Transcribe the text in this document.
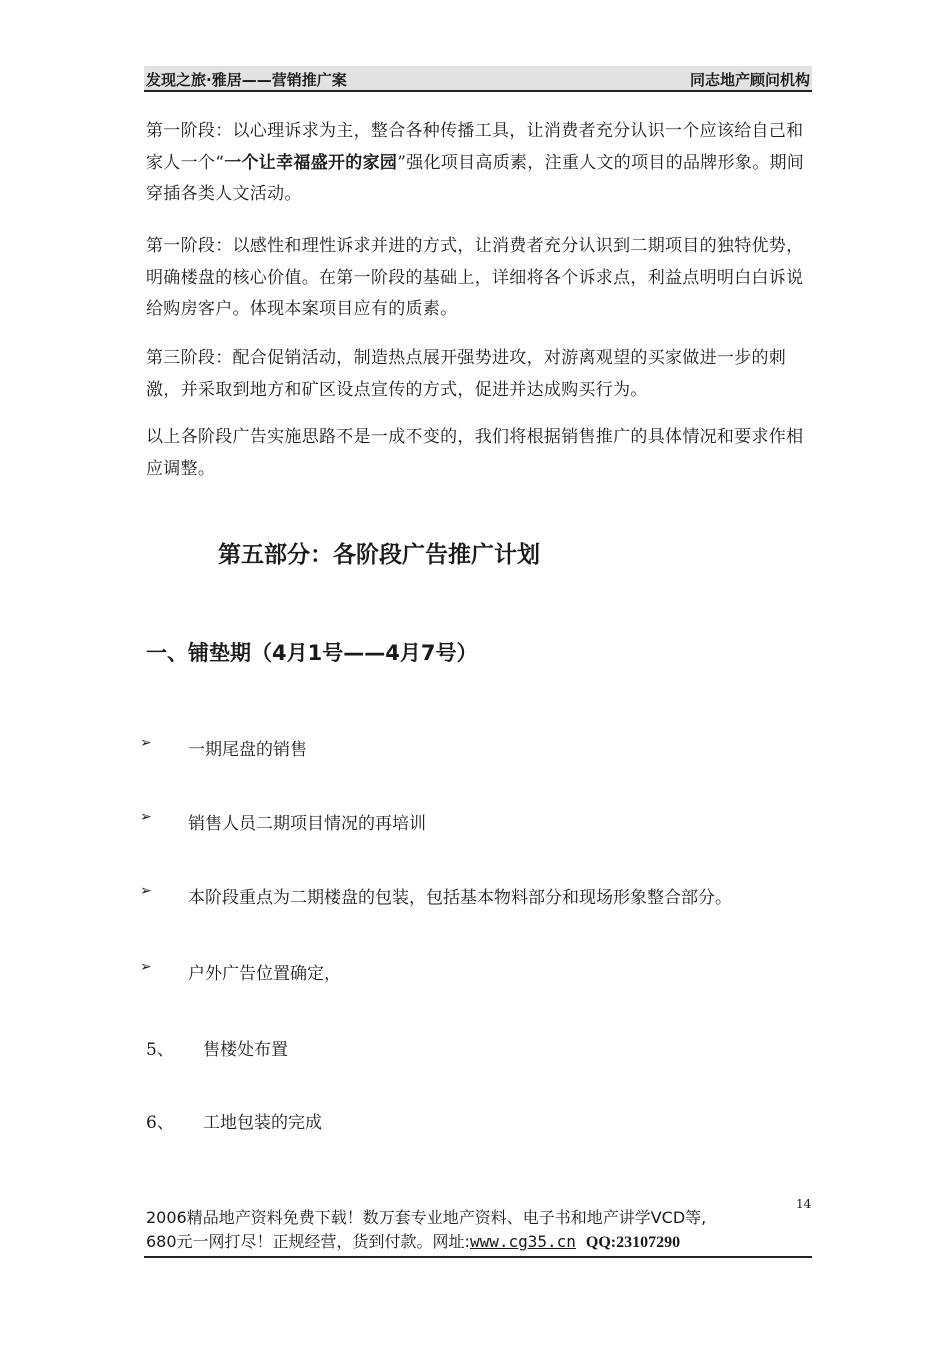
发现之旅·雅居——营销推广案	同志地产顾问机构
第一阶段：以心理诉求为主，整合各种传播工具，让消费者充分认识一个应该给自己和家人一个“一个让幸福盛开的家园”强化项目高质素，注重人文的项目的品牌形象。期间穿插各类人文活动。
第一阶段：以感性和理性诉求并进的方式，让消费者充分认识到二期项目的独特优势，明确楼盘的核心价值。在第一阶段的基础上，详细将各个诉求点，利益点明明白白诉说给购房客户。体现本案项目应有的质素。
第三阶段：配合促销活动，制造热点展开强势进攻，对游离观望的买家做进一步的刺激，并采取到地方和矿区设点宣传的方式，促进并达成购买行为。
以上各阶段广告实施思路不是一成不变的，我们将根据销售推广的具体情况和要求作相应调整。
第五部分：各阶段广告推广计划
一、铺垫期（4月1号——4月7号）
➢	一期尾盘的销售
➢	销售人员二期项目情况的再培训
➢	本阶段重点为二期楼盘的包装，包括基本物料部分和现场形象整合部分。
➢	户外广告位置确定，
5、 售楼处布置
6、 工地包装的完成
14
2006精品地产资料免费下载！数万套专业地产资料、电子书和地产讲学VCD等,
680元一网打尽！正规经营，货到付款。网址:www.cg35.cn QQ:23107290
